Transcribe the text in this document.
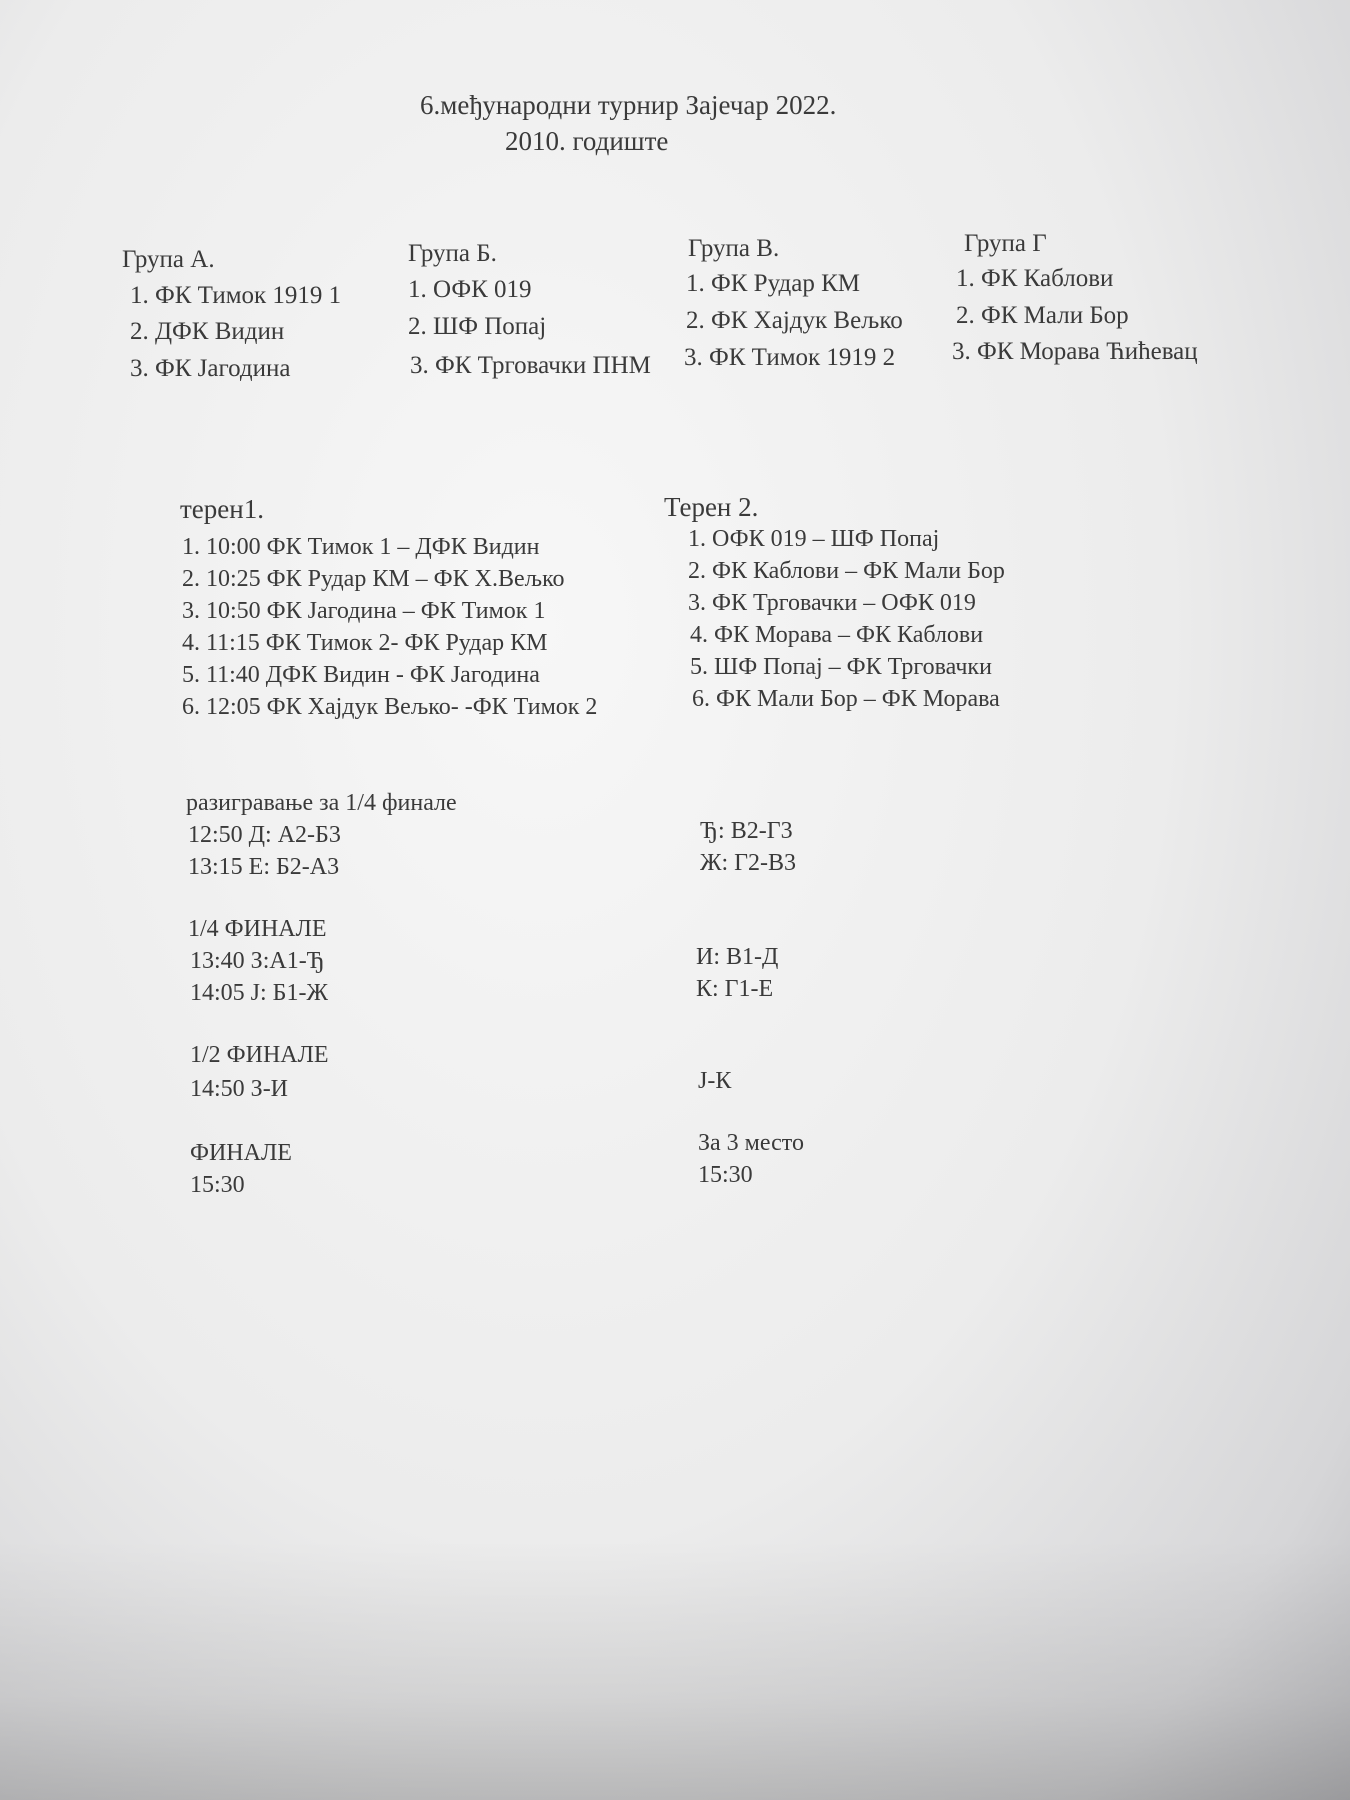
6.међународни турнир Зајечар 2022.
2010. годиште
Група А.
1. ФК Тимок 1919 1
2. ДФК Видин
3. ФК Јагодина
Група Б.
1. ОФК 019
2. ШФ Попај
3. ФК Трговачки ПНМ
Група В.
1. ФК Рудар КМ
2. ФК Хајдук Вељко
3. ФК Тимок 1919 2
Група Г
1. ФК Каблови
2. ФК Мали Бор
3. ФК Морава Ћићевац
терен1.
1. 10:00 ФК Тимок 1 – ДФК Видин
2. 10:25 ФК Рудар КМ – ФК Х.Вељко
3. 10:50 ФК Јагодина – ФК Тимок 1
4. 11:15 ФК Тимок 2- ФК Рудар КМ
5. 11:40 ДФК Видин - ФК Јагодина
6. 12:05 ФК Хајдук Вељко- -ФК Тимок 2
Терен 2.
1. ОФК 019 – ШФ Попај
2. ФК Каблови – ФК Мали Бор
3. ФК Трговачки – ОФК 019
4. ФК Морава – ФК Каблови
5. ШФ Попај – ФК Трговачки
6. ФК Мали Бор – ФК Морава
разигравање за 1/4 финале
12:50 Д: А2-Б3
13:15 Е: Б2-А3
Ђ: В2-Г3
Ж: Г2-В3
1/4 ФИНАЛЕ
13:40 З:А1-Ђ
14:05 Ј: Б1-Ж
И: В1-Д
К: Г1-Е
1/2 ФИНАЛЕ
14:50 З-И	Ј-К
ФИНАЛЕ
15:30
За 3 место
15:30
